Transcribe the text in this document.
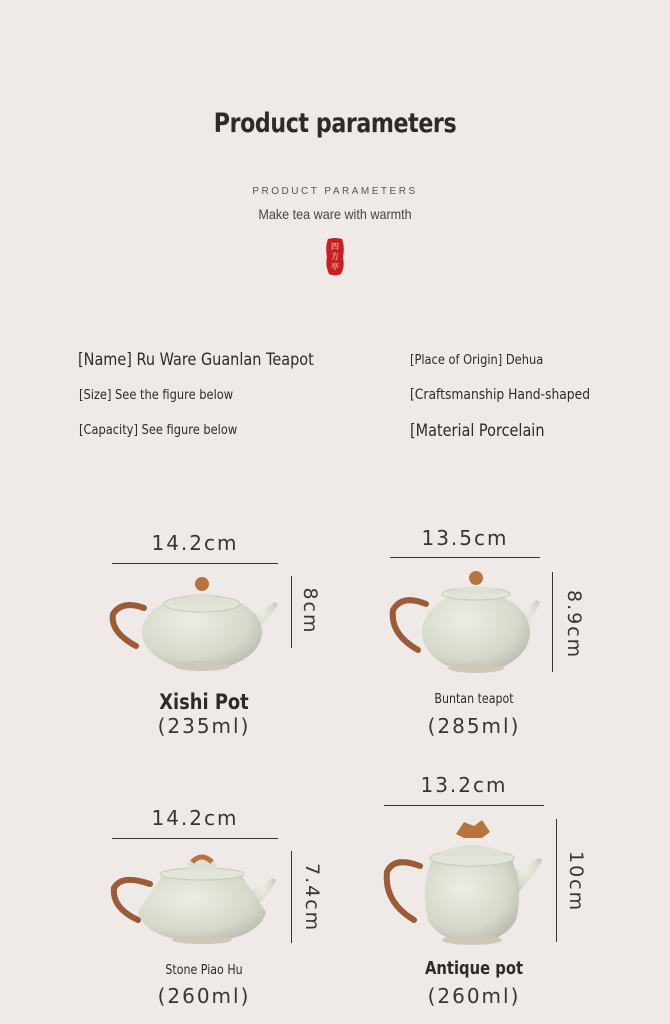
Product parameters
PRODUCT PARAMETERS
Make tea ware with warmth
四
方
亭
[Name] Ru Ware Guanlan Teapot
[Size] See the figure below
[Capacity] See figure below
[Place of Origin] Dehua
[Craftsmanship Hand-shaped
[Material Porcelain
14.2cm
8cm
Xishi Pot
(235ml)
13.5cm
8.9cm
Buntan teapot
(285ml)
14.2cm
7.4cm
Stone Piao Hu
(260ml)
13.2cm
10cm
Antique pot
(260ml)
